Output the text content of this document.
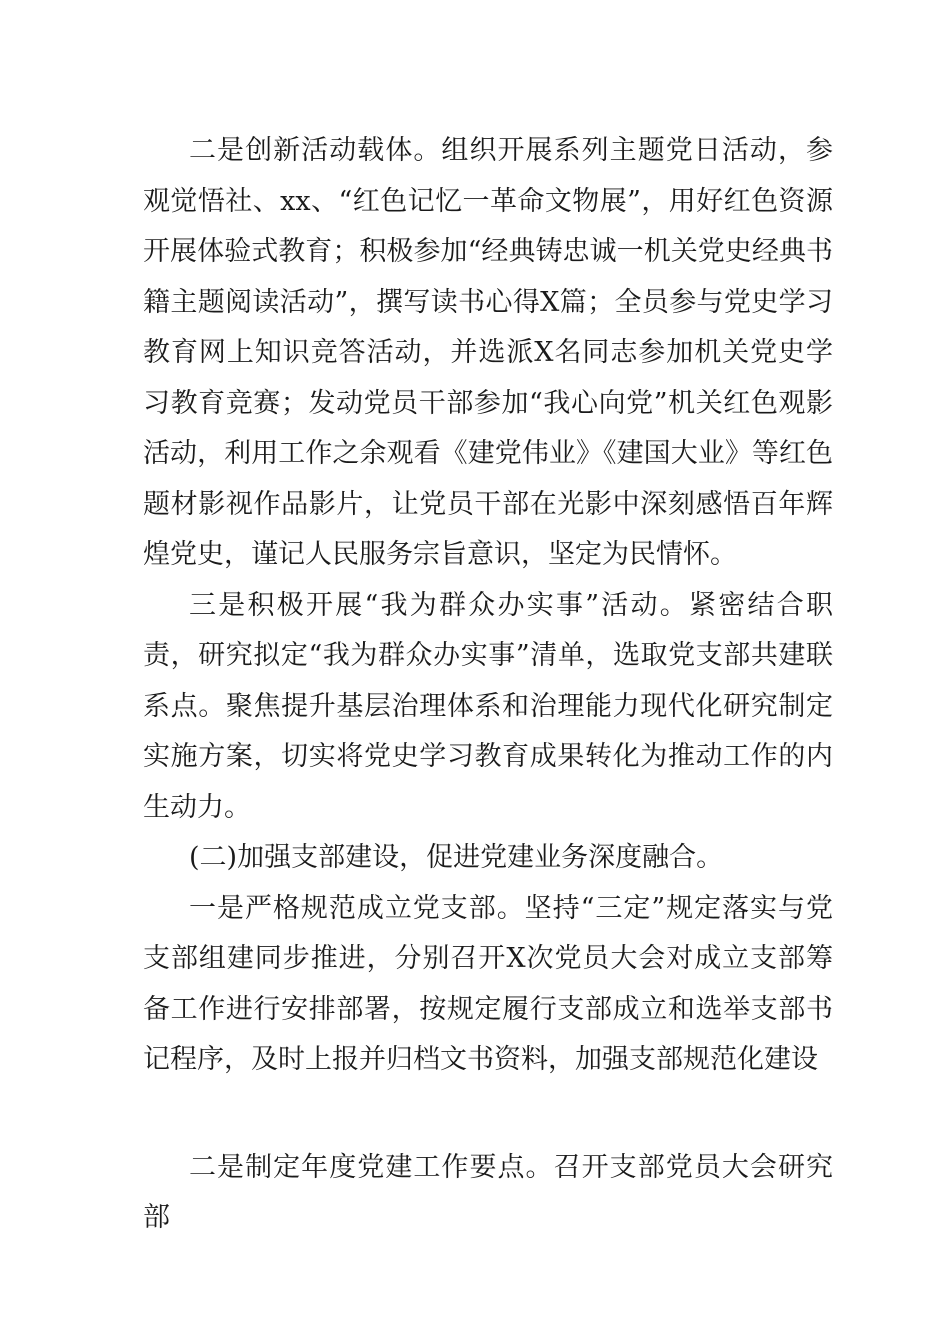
二是创新活动载体。组织开展系列主题党日活动，参观觉悟社、xx、“红色记忆一革命文物展”，用好红色资源开展体验式教育；积极参加“经典铸忠诚一机关党史经典书籍主题阅读活动”，撰写读书心得X篇；全员参与党史学习教育网上知识竞答活动，并选派X名同志参加机关党史学习教育竞赛；发动党员干部参加“我心向党”机关红色观影活动，利用工作之余观看《建党伟业》《建国大业》等红色题材影视作品影片，让党员干部在光影中深刻感悟百年辉煌党史，谨记人民服务宗旨意识，坚定为民情怀。

三是积极开展“我为群众办实事”活动。紧密结合职责，研究拟定“我为群众办实事”清单，选取党支部共建联系点。聚焦提升基层治理体系和治理能力现代化研究制定实施方案，切实将党史学习教育成果转化为推动工作的内生动力。

(二)加强支部建设，促进党建业务深度融合。

一是严格规范成立党支部。坚持“三定”规定落实与党支部组建同步推进，分别召开X次党员大会对成立支部筹备工作进行安排部署，按规定履行支部成立和选举支部书记程序，及时上报并归档文书资料，加强支部规范化建设

二是制定年度党建工作要点。召开支部党员大会研究部
